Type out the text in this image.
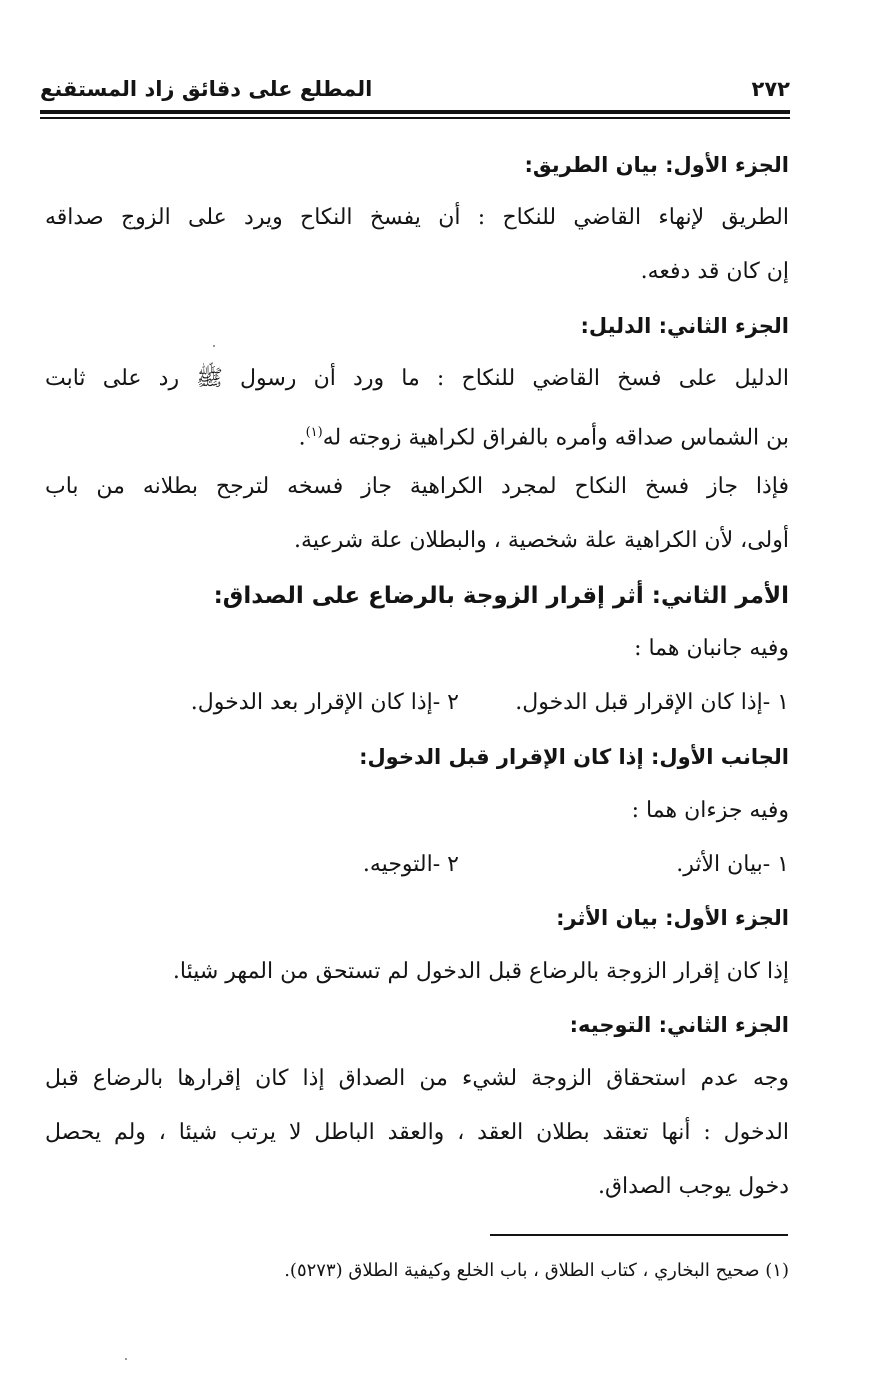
٢٧٢
المطلع على دقائق زاد المستقنع
الجزء الأول: بيان الطريق:
الطريق لإنهاء القاضي للنكاح : أن يفسخ النكاح ويرد على الزوج صداقه
إن كان قد دفعه.
الجزء الثاني: الدليل:
الدليل على فسخ القاضي للنكاح : ما ورد أن رسول ﷺ رد على ثابت
بن الشماس صداقه وأمره بالفراق لكراهية زوجته له$^{(١)}$.
فإذا جاز فسخ النكاح لمجرد الكراهية جاز فسخه لترجح بطلانه من باب
أولى، لأن الكراهية علة شخصية ، والبطلان علة شرعية.
الأمر الثاني: أثر إقرار الزوجة بالرضاع على الصداق:
وفيه جانبان هما :
١ -إذا كان الإقرار قبل الدخول.
٢ -إذا كان الإقرار بعد الدخول.
الجانب الأول: إذا كان الإقرار قبل الدخول:
وفيه جزءان هما :
١ -بيان الأثر.
٢ -التوجيه.
الجزء الأول: بيان الأثر:
إذا كان إقرار الزوجة بالرضاع قبل الدخول لم تستحق من المهر شيئا.
الجزء الثاني: التوجيه:
وجه عدم استحقاق الزوجة لشيء من الصداق إذا كان إقرارها بالرضاع قبل
الدخول : أنها تعتقد بطلان العقد ، والعقد الباطل لا يرتب شيئا ، ولم يحصل
دخول يوجب الصداق.
(١) صحيح البخاري ، كتاب الطلاق ، باب الخلع وكيفية الطلاق (٥٢٧٣).
